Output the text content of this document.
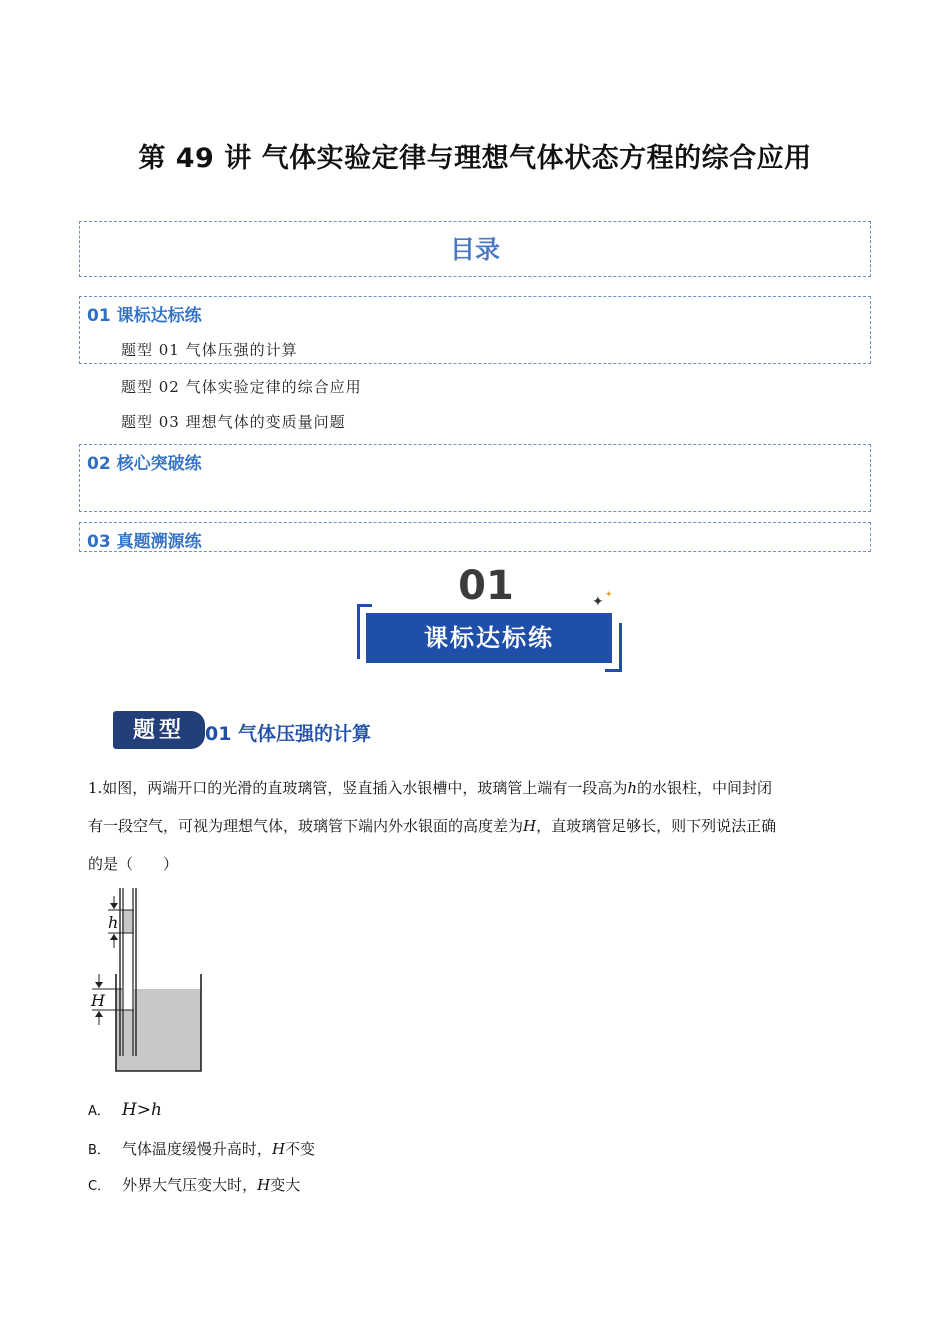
第 49 讲 气体实验定律与理想气体状态方程的综合应用
目录
01 课标达标练
题型 01 气体压强的计算
题型 02 气体实验定律的综合应用
题型 03 理想气体的变质量问题
02 核心突破练
03 真题溯源练
01	✦ ✦
课标达标练
题型	01 气体压强的计算
1.如图，两端开口的光滑的直玻璃管，竖直插入水银槽中，玻璃管上端有一段高为h的水银柱，中间封闭
有一段空气，可视为理想气体，玻璃管下端内外水银面的高度差为H，直玻璃管足够长，则下列说法正确
的是（　　）
h
H
A． H>h
B． 气体温度缓慢升高时，H不变
C． 外界大气压变大时，H变大
